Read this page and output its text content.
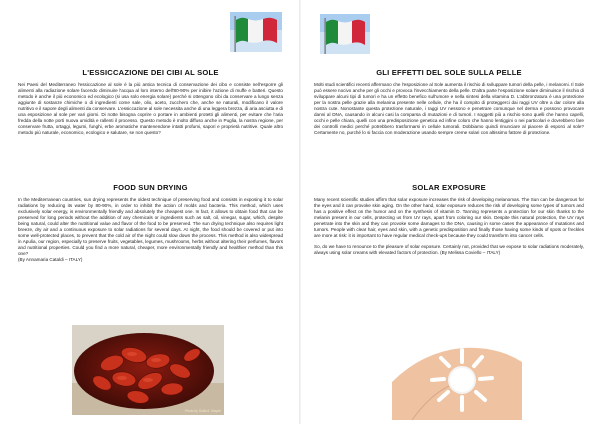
L'ESSICCAZIONE DEI CIBI AL SOLE

Nei Paesi del Mediterraneo l'essiccazione al sole è la più antica tecnica di conservazione dei cibo e consiste nell'esporre gli alimenti alla radiazione solare facendo diminuire l'acqua al loro interno dell'80-90% per inibire l'azione di muffe e batteri. Questo metodo è anche il più economico ed ecologico (si usa solo energia solare) perché si ottengono cibi da conservare a lungo senza aggiunte di sostanze chimiche o di ingredienti come sale, olio, aceto, zucchero che, anche se naturali, modificano il valore nutritivo e il sapore degli alimenti da conservare. L'essiccazione al sole necessita anche di una leggera brezza, di aria asciutta e di una esposizione al sole per vari giorni. Di notte bisogna coprire o portare in ambienti protetti gli alimenti, per evitare che l'aria fredda della notte porti nuova umidità e rallenti il processo. Questo metodo è molto diffuso anche in Puglia, la nostra regione, per conservare frutta, ortaggi, legumi, funghi, erbe aromatiche mantenendone intatti profumi, sapori e proprietà nutritive. Quale altro metodo più naturale, economico, ecologico e salutare, se non questo?

FOOD SUN DRYING

In the Mediterranean countries, sun drying represents the oldest technique of preserving food and consists in exposing it to solar radiations by reducing its water by 80-90%, in order to inhibit the action of molds and bacteria. This method, which uses exclusively solar energy, is environmentally friendly and absolutely the cheapest one. In fact, it allows to obtain food that can be preserved for long periods without the addition of any chemicals or ingredients such as salt, oil, vinegar, sugar, which, despite being natural, could alter the nutritional value and flavor of the food to be preserved. The sun drying technique also requires light breeze, dry air and a continuous exposure to solar radiations for several days. At night, the food should be covered or put into some well-protected places, to prevent that the cold air of the night could slow down the process. This method is also widespread in Apulia, our region, especially to preserve fruits, vegetables, legumes, mushrooms, herbs without altering their perfumes, flavors and nutritional properties. Could you find a more natural, cheaper, more environmentally friendly and healthier method than this one?

(By Annamaria Cataldi – ITALY)

Photo by Sofia A. Mayeri
GLI EFFETTI DEL SOLE SULLA PELLE

Molti studi scientifici recenti affermano che l'esposizione al Sole aumenta il rischio di sviluppare tumori della pelle, i melanomi. Il Sole può essere nocivo anche per gli occhi e provoca l'invecchiamento della pelle. D'altra parte l'esposizione solare diminuisce il rischio di sviluppare alcuni tipi di tumori e ha un effetto benefico sull'umore e nella sintesi della vitamina D. L'abbronzatura è una protezione per la nostra pelle grazie alla melanina presente nelle cellule, che ha il compito di proteggerci dai raggi UV oltre a dar colore alla nostra cute. Nonostante questa protezione naturale, i raggi UV nessono e penetrare comunque nel derma e possono provocare danni al DNA, causando in alcuni casi la comparsa di mutazioni e di tumori. I soggetti più a rischio sono quelli che hanno capelli, occhi e pelle chiara, quelli con una predisposizione genetica ed infine coloro che hanno lentiggini o nei particolari e dovrebbero fare dei controlli medici perché potrebbero trasformarsi in cellule tumorali. Dobbiamo quindi rinunciare al piacere di esporci al sole? Certamente no, purché lo si faccia con moderazione usando sempre creme solari con altissimo fattore di protezione.

SOLAR EXPOSURE

Many recent scientific studies affirm that solar exposure increases the risk of developing melanomas. The Sun can be dangerous for the eyes and it can provoke skin aging. On the other hand, solar exposure reduces the risk of developing some types of tumors and has a positive effect on the humor and on the synthesis of vitamin D. Tanning represents a protection for our skin thanks to the melanin present in our cells, protecting us from UV rays, apart from coloring our skin. Despite this natural protection, the UV rays penetrate into the skin and they can provoke some damages to the DNA, causing in some cases the appearance of mutations and tumors. People with clear hair, eyes and skin, with a genetic predisposition and finally those having some kinds of spots or freckles are more at risk: it is important to have regular medical check-ups because they could transform into cancer cells.

So, do we have to renounce to the pleasure of solar exposure. Certainly not, provided that we expose to solar radiations moderately, always using solar creams with elevated factors of protection. (By Melissa Coviello – ITALY)
